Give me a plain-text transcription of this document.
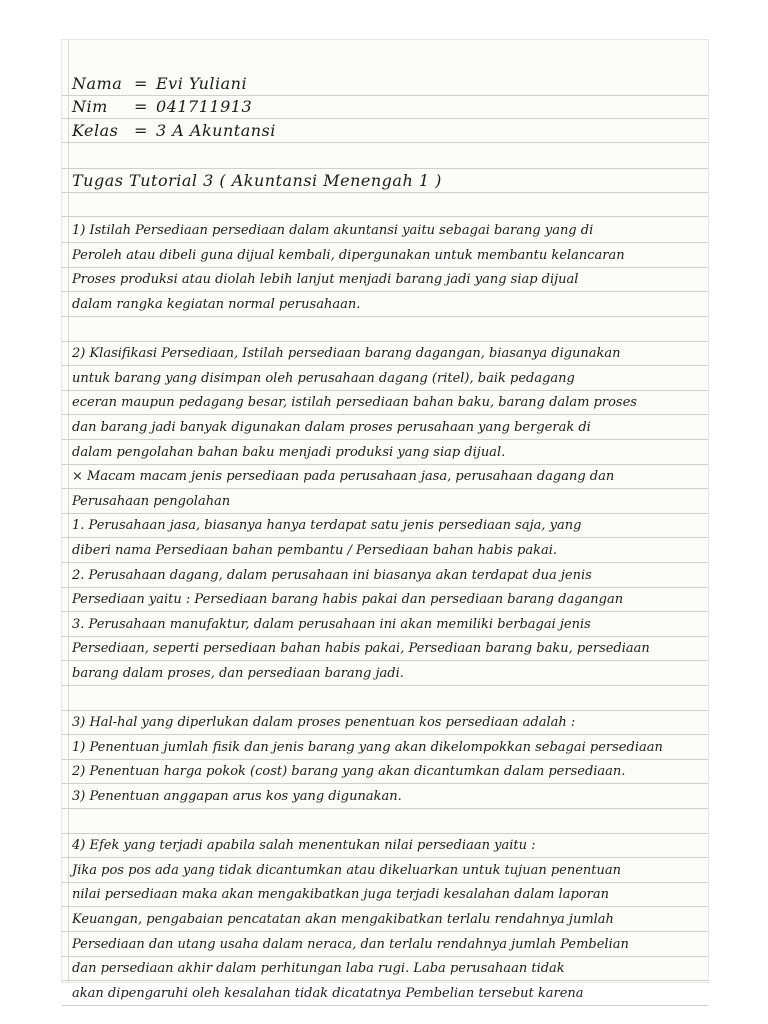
Nama = Evi Yuliani
Nim = 041711913
Kelas = 3 A Akuntansi
Tugas Tutorial 3 ( Akuntansi Menengah 1 )
1) Istilah Persediaan persediaan dalam akuntansi yaitu sebagai barang yang di
Peroleh atau dibeli guna dijual kembali, dipergunakan untuk membantu kelancaran
Proses produksi atau diolah lebih lanjut menjadi barang jadi yang siap dijual
dalam rangka kegiatan normal perusahaan.
2) Klasifikasi Persediaan, Istilah persediaan barang dagangan, biasanya digunakan
untuk barang yang disimpan oleh perusahaan dagang (ritel), baik pedagang
eceran maupun pedagang besar, istilah persediaan bahan baku, barang dalam proses
dan barang jadi banyak digunakan dalam proses perusahaan yang bergerak di
dalam pengolahan bahan baku menjadi produksi yang siap dijual.
× Macam macam jenis persediaan pada perusahaan jasa, perusahaan dagang dan
Perusahaan pengolahan
1. Perusahaan jasa, biasanya hanya terdapat satu jenis persediaan saja, yang
diberi nama Persediaan bahan pembantu / Persediaan bahan habis pakai.
2. Perusahaan dagang, dalam perusahaan ini biasanya akan terdapat dua jenis
Persediaan yaitu : Persediaan barang habis pakai dan persediaan barang dagangan
3. Perusahaan manufaktur, dalam perusahaan ini akan memiliki berbagai jenis
Persediaan, seperti persediaan bahan habis pakai, Persediaan barang baku, persediaan
barang dalam proses, dan persediaan barang jadi.
3) Hal-hal yang diperlukan dalam proses penentuan kos persediaan adalah :
1) Penentuan jumlah fisik dan jenis barang yang akan dikelompokkan sebagai persediaan
2) Penentuan harga pokok (cost) barang yang akan dicantumkan dalam persediaan.
3) Penentuan anggapan arus kos yang digunakan.
4) Efek yang terjadi apabila salah menentukan nilai persediaan yaitu :
Jika pos pos ada yang tidak dicantumkan atau dikeluarkan untuk tujuan penentuan
nilai persediaan maka akan mengakibatkan juga terjadi kesalahan dalam laporan
Keuangan, pengabaian pencatatan akan mengakibatkan terlalu rendahnya jumlah
Persediaan dan utang usaha dalam neraca, dan terlalu rendahnya jumlah Pembelian
dan persediaan akhir dalam perhitungan laba rugi. Laba perusahaan tidak
akan dipengaruhi oleh kesalahan tidak dicatatnya Pembelian tersebut karena
